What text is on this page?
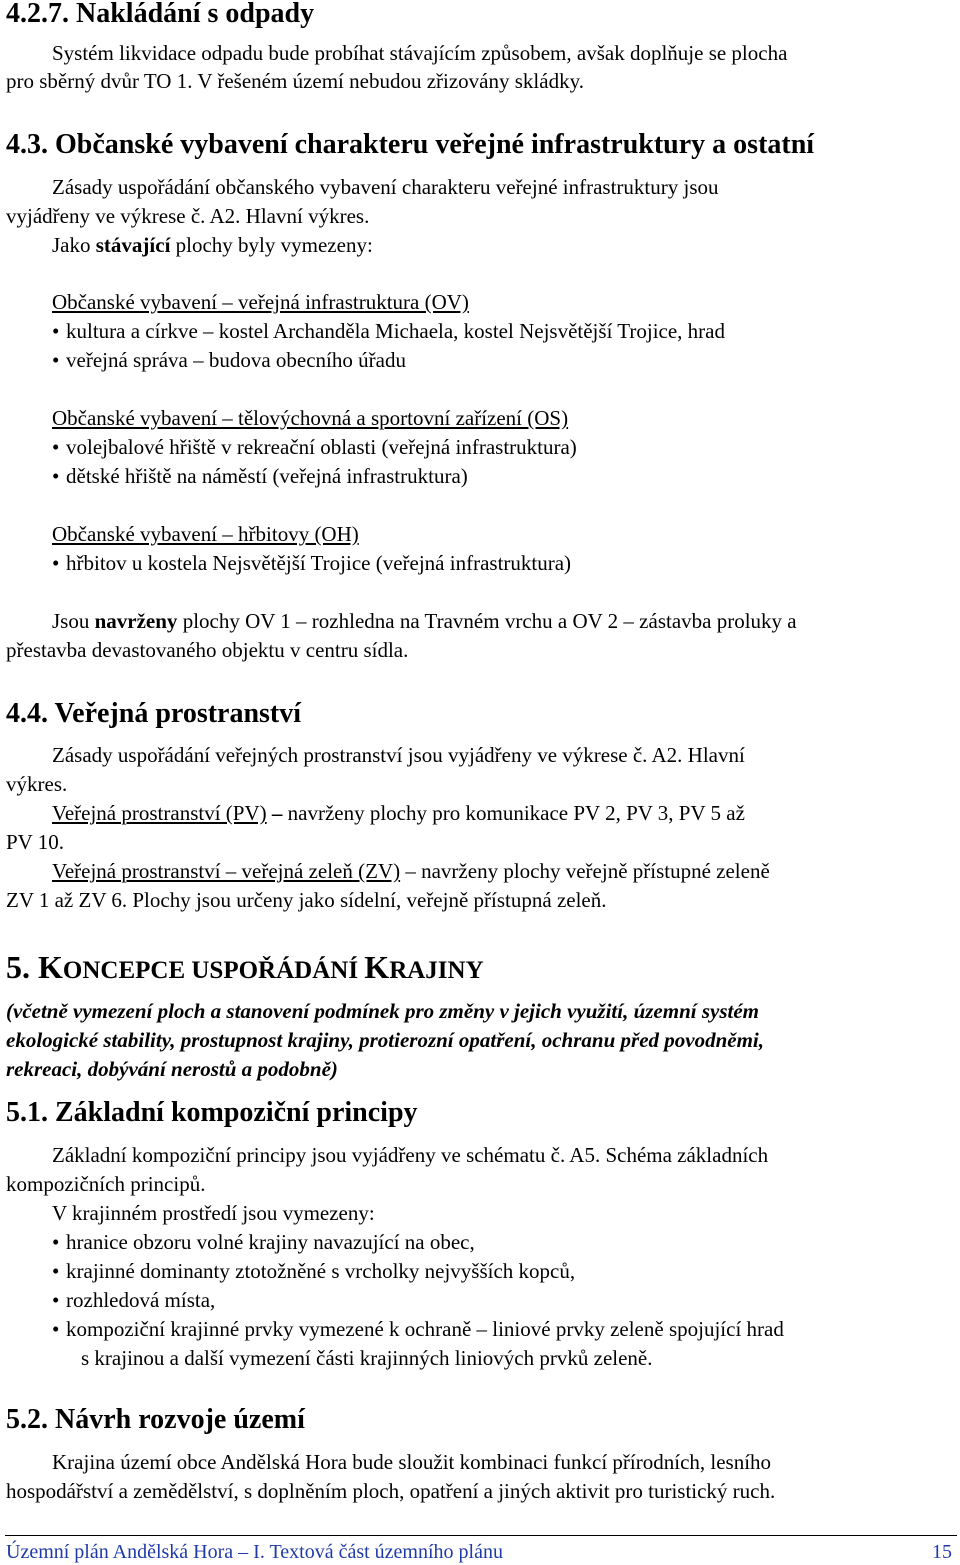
4.2.7. Nakládání s odpady
Systém likvidace odpadu bude probíhat stávajícím způsobem, avšak doplňuje se plocha
pro sběrný dvůr TO 1. V řešeném území nebudou zřizovány skládky.
4.3. Občanské vybavení charakteru veřejné infrastruktury a ostatní
Zásady uspořádání občanského vybavení charakteru veřejné infrastruktury jsou
vyjádřeny ve výkrese č. A2. Hlavní výkres.
Jako stávající plochy byly vymezeny:
Občanské vybavení – veřejná infrastruktura (OV)
• kultura a církve – kostel Archanděla Michaela, kostel Nejsvětější Trojice, hrad
• veřejná správa – budova obecního úřadu
Občanské vybavení – tělovýchovná a sportovní zařízení (OS)
• volejbalové hřiště v rekreační oblasti (veřejná infrastruktura)
• dětské hřiště na náměstí (veřejná infrastruktura)
Občanské vybavení – hřbitovy (OH)
• hřbitov u kostela Nejsvětější Trojice (veřejná infrastruktura)
Jsou navrženy plochy OV 1 – rozhledna na Travném vrchu a OV 2 – zástavba proluky a
přestavba devastovaného objektu v centru sídla.
4.4. Veřejná prostranství
Zásady uspořádání veřejných prostranství jsou vyjádřeny ve výkrese č. A2. Hlavní
výkres.
Veřejná prostranství (PV) – navrženy plochy pro komunikace PV 2, PV 3, PV 5 až
PV 10.
Veřejná prostranství – veřejná zeleň (ZV) – navrženy plochy veřejně přístupné zeleně
ZV 1 až ZV 6. Plochy jsou určeny jako sídelní, veřejně přístupná zeleň.
5. KONCEPCE USPOŘÁDÁNÍ KRAJINY
(včetně vymezení ploch a stanovení podmínek pro změny v jejich využití, územní systém
ekologické stability, prostupnost krajiny, protierozní opatření, ochranu před povodněmi,
rekreaci, dobývání nerostů a podobně)
5.1. Základní kompoziční principy
Základní kompoziční principy jsou vyjádřeny ve schématu č. A5. Schéma základních
kompozičních principů.
V krajinném prostředí jsou vymezeny:
• hranice obzoru volné krajiny navazující na obec,
• krajinné dominanty ztotožněné s vrcholky nejvyšších kopců,
• rozhledová místa,
• kompoziční krajinné prvky vymezené k ochraně – liniové prvky zeleně spojující hrad
s krajinou a další vymezení části krajinných liniových prvků zeleně.
5.2. Návrh rozvoje území
Krajina území obce Andělská Hora bude sloužit kombinaci funkcí přírodních, lesního
hospodářství a zemědělství, s doplněním ploch, opatření a jiných aktivit pro turistický ruch.
Územní plán Andělská Hora – I. Textová část územního plánu	15
